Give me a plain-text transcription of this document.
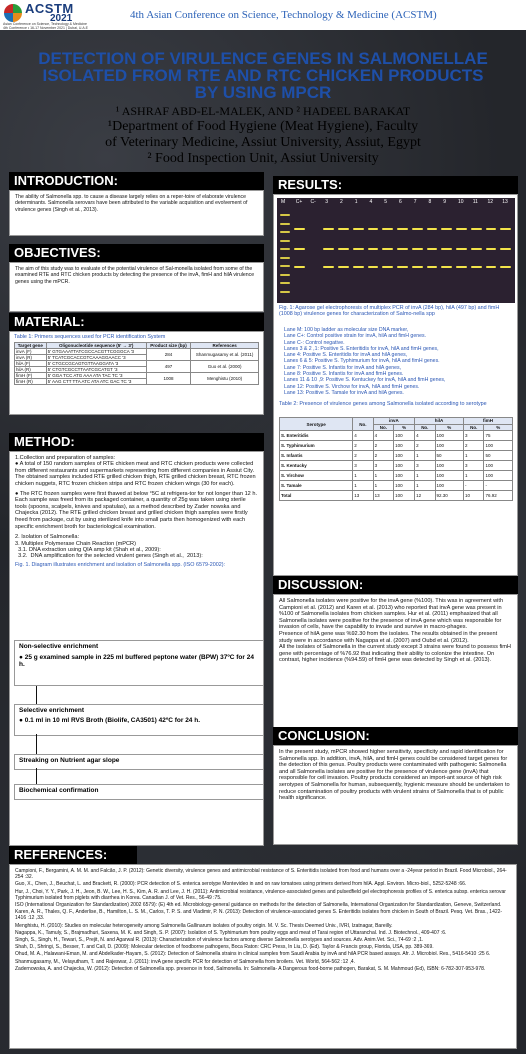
ACSTM
2021
Asian Conference on Science, Technology & Medicine
4th Conference • 16-17 November 2021 | Dubai, U.A.E
4th Asian Conference on Science, Technology & Medicine (ACSTM)
DETECTION OF VIRULENCE GENES IN SALMONELLAE
ISOLATED FROM RTE AND RTC CHICKEN PRODUCTS
BY USING MPCR
¹ ASHRAF ABD-EL-MALEK, AND ² HADEEL BARAKAT
¹Department of Food Hygiene (Meat Hygiene), Faculty
of Veterinary Medicine, Assiut University, Assiut, Egypt
² Food Inspection Unit, Assiut University
INTRODUCTION:
The ability of Salmonella spp. to cause a disease largely relies on a reper-toire of elaborate virulence determinants. Salmonella serovars have been attributed to the variable acquisition and evolvement of virulence genes (Singh et al., 2013).
OBJECTIVES:
The aim of this study was to evaluate of the potential virulence of Sal-monella isolated from some of the examined RTE and RTC chicken products by detecting the presence of the invA, fimH and hilA virulence genes using the mPCR.
MATERIAL:
Table 1: Primers sequences used for PCR identification System
Target gene	Oligonucleotide sequence (5' → 3')	Product size (bp)	References
invA (F)	5' GTGAAATTATCGCCACGTTCGGGCA '3	284	Shanmugasamy et al. (2011)
invA (R)	5' TCATCGCACCGTCAAAGGAACC '3		
hilA (F)	5' CTGCCGCAGTGTTAAGGATA '3	497	Guo et al. (2000)
hilA (R)	5' CTGTCGCCTTAATCGCATGT '3		
fimH (F)	5' GGA TCC ATG AAA ATA TAC TC '3	1008	Menghistu (2010)
fimH (R)	5' AAG CTT TTA ATC ATA ATC GAC TC '3		
METHOD:
1.Collection and preparation of samples:
● A total of 150 random samples of RTE chicken meat and RTC chicken products were collected from different restaurants and supermarkets representing from different companies in Assiut City. The obtained samples included RTE grilled chicken thigh, RTE grilled chicken breast, RTC frozen chicken nuggets, RTC frozen chicken strips and RTC frozen chicken wings (30 for each).
● The RTC frozen samples were first thawed at below °5C at refrigera-tor for not longer than 12 h. Each sample was freed from its packaged container, a quantity of 25g was taken using sterile tools (spoons, scalpels, knives and spatulas), as a method described by Zader nowska and Chajecka (2012). The RTE grilled chicken breast and grilled chicken thigh samples were firstly freed from package, cut by using sterilized knife into small parts then homogenized with each specific enrichment broth for bacteriological examination.
2. Isolation of Salmonella:
3. Multiplex Polymerase Chain Reaction (mPCR)
3.1. DNA extraction using QIA amp kit (Shah et al., 2009):
3.2.  DNA amplification for the selected virulent genes (Singh et al.,  2013):
Fig. 1. Diagram illustrates enrichment and isolation of Salmonella spp. (ISO 6579-2002):
Non-selective enrichment
● 25 g examined sample in 225 ml buffered peptone water (BPW) 37ºC for 24 h.
Selective enrichment
● 0.1 ml in 10 ml RVS Broth (Biolife, CA3501) 42ºC for 24 h.
Streaking on Nutrient agar slope
Biochemical confirmation
RESULTS:
M C+ C- 3 2 1 4 5 6 7 8 9 10 11 12 13
Fig. 1: Agarose gel electrophoresis of multiplex PCR of invA (284 bp), hilA (497 bp) and fimH (1008 bp) virulence genes for characterization of Salmo-nella spp
Lane M: 100 bp ladder as molecular size DNA marker,
Lane C+: Control positive strain for invA, hilA and fimH genes.
Lane C-: Control negative.
Lanes 3 & 2 ,1: Positive S. Enteritidis for invA, hilA and fimH genes,
Lane 4: Positive S. Enteritidis for invA and hilA genes,
Lanes 6 & 5: Positive S. Typhimurium for invA, hilA and fimH genes.
Lane 7: Positive S. Infantis for invA and hilA genes,
Lane 8: Positive S. Infantis for invA and fimH genes.
Lanes 11 & 10 ,9: Positive S. Kentuckey for invA, hilA and fimH genes,
Lane 12: Positive S. Virchow for invA, hilA and fimH genes.
Lane 13: Positive S. Tamale for invA and hilA genes.
Table 2: Presence of virulence genes among Salmonella isolated according to serotype
Serotype	No.	invA		hilA		fimH	
		No.	%	No.	%	No.	%
S. Enteritidis	4	4	100	4	100	3	75
S. Typhimurium	2	2	100	2	100	2	100
S. Infantis	2	2	100	1	50	1	50
S. Kentucky	3	3	100	3	100	3	100
S. Virchow	1	1	100	1	100	1	100
S. Tamale	1	1	100	1	100	-	-
Total	13	13	100	12	92.30	10	76.92
DISCUSSION:
All Salmonella isolates were positive for the invA gene (%100). This was in agreement with Campioni et al. (2012) and Karen et al. (2013) who reported that invA gene was present in %100 of Salmonella isolates from chicken samples. Hur et al. (2011) emphasized that all Salmonella isolates were positive for the presence of invA gene which was responsible for invasion of cells, have the capability to invade and survive in macro-phages.
Presence of hilA gene was %92.30 from the isolates. The results obtained in the present study were in accordance with Nagappa et al. (2007) and Oubd et al. (2012).
All the isolates of Salmonella in the current study except 3 strains were found to possess fimH gene with percentage of %76.92 that indicating their ability to colonize the intestine. On contrast, higher incidence (%94.59) of fimH gene was detected by Singh et al. (2013).
CONCLUSION:
In the present study, mPCR showed higher sensitivity, specificity and rapid identification for Salmonella spp. In addition, invA, hilA, and fimH genes could be considered target genes for the detection of this genus. Poultry products were contaminated with pathogenic Salmonella and all Salmonella isolates are positive for the presence of virulence gene (invA) that responsible for cell invasion. Poultry products considered an import-ant source of high risk serotypes of Salmonella for human, subsequently, hygienic measure should be undertaken to reduce contamination of poultry products with virulent strains of Salmonella that is of public health significance.
REFERENCES:
Campioni, F., Bergamini, A. M. M. and Falcão, J. P. (2012): Genetic diversity, virulence genes and antimicrobial resistance of S. Enteritidis isolated from food and humans over a -24year period in Brazil. Food Microbiol., 264-254 :32.
Guo, X., Chen, J., Beuchat, L. and Brackett, R. (2000): PCR detection of S. enterica serotype Montevideo in and on raw tomatoes using primers derived from hilA. Appl. Environ. Micro-biol., 5252-5248 :66.
Hur, J., Choi, Y. Y., Park, J. H., Jeon, B. W., Lee, H. S., Kim, A. R. and Lee, J. H. (2011): Antimicrobial resistance, virulence-associated genes and pulsedfield gel electrophoresis profiles of S. enterica subsp. enterica serovar Typhimurium isolated from piglets with diarrhea in Korea. Canadian J. of Vet. Res., 56-49 :75.
ISO (International Organization for Standardization) 2002 6579): (E) 4th ed. Microbiology-general guidance on methods for the detection of Salmonella, International Organization for Standardization, Geneve, Switzerland.
Karen, A. R., Thales, Q. F., Anderlise, B., Hamilton, L. S. M., Carlos, T. P. S. and Vladimir, P. N. (2013): Detection of virulence-associated genes S. Enteritidis isolates from chicken in South of Brazil. Pesq. Vet. Bras., 1422-1416 :12 ,33.
Menghistu, H. (2010): Studies on molecular heterogeneity among Salmonella Gallinarum isolates of poultry origin. M. V. Sc. Thesis Deemed Univ., IVRI, Izatnagar, Bareilly.
Nagappa, K., Tamuly, S., Brajmadhuri, Saxena, M. K. and Singh, S. P. (2007): Isolation of S. Typhimurium from poultry eggs and meat of Tarai region of Uttaranchal. Ind. J. Biotechnol., 409-407 :6.
Singh, S., Singh, H., Tewari, S., Prejit, N. and Agarwal R. (2013): Characterization of virulence factors among diverse Salmonella serotypes and sources. Adv. Anim.Vet. Sci., 74-69 :2 ,1.
Shah, D., Shringi, S., Besser, T. and Call, D. (2009): Molecular detection of foodborne pathogens, Boca Raton: CRC Press, In Liu, D. (Ed). Taylor & Francis group, Florida, USA, pp. 389-369.
Ohud, M. A., Halawani-Eman, M. and Abdelkader-Hayam, S. (2012): Detection of Salmonella strains in clinical samples from Saudi Arabia by invA and hilA PCR based assays. Afr. J. Microbiol. Res., 5416-5410 :25 6.
Shanmugasamy, M., Velayutham, T. and Rajeswar, J. (2011): invA gene specific PCR for detection of Salmonella from broilers. Vet. World, 564-562 :12 ,4.
Zadernowska, A. and Chajecka, W. (2012): Detection of Salmonella spp. presence in food, Salmonella. In: Salmonella- A Dangerous food-borne pathogen, Barakat, S. M. Mahmoud (Ed), ISBN: 6-782-307-953-978.
